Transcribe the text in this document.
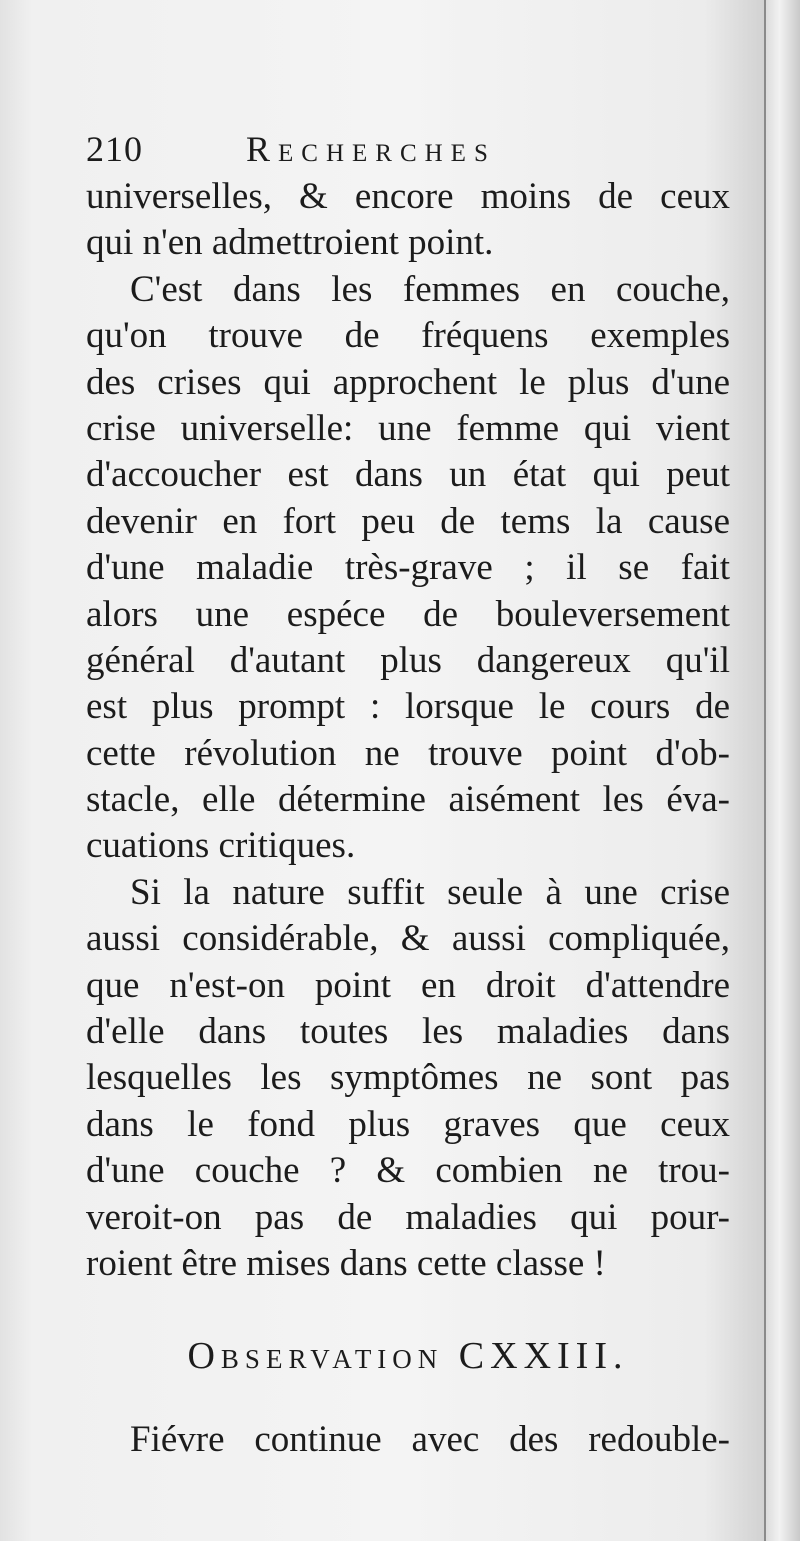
210	Recherches
universelles, & encore moins de ceux
qui n'en admettroient point.
C'est dans les femmes en couche,
qu'on trouve de fréquens exemples
des crises qui approchent le plus d'une
crise universelle: une femme qui vient
d'accoucher est dans un état qui peut
devenir en fort peu de tems la cause
d'une maladie très-grave ; il se fait
alors une espéce de bouleversement
général d'autant plus dangereux qu'il
est plus prompt : lorsque le cours de
cette révolution ne trouve point d'ob-
stacle, elle détermine aisément les éva-
cuations critiques.
Si la nature suffit seule à une crise
aussi considérable, & aussi compliquée,
que n'est-on point en droit d'attendre
d'elle dans toutes les maladies dans
lesquelles les symptômes ne sont pas
dans le fond plus graves que ceux
d'une couche ? & combien ne trou-
veroit-on pas de maladies qui pour-
roient être mises dans cette classe !
Observation CXXIII.
Fiévre continue avec des redouble-
